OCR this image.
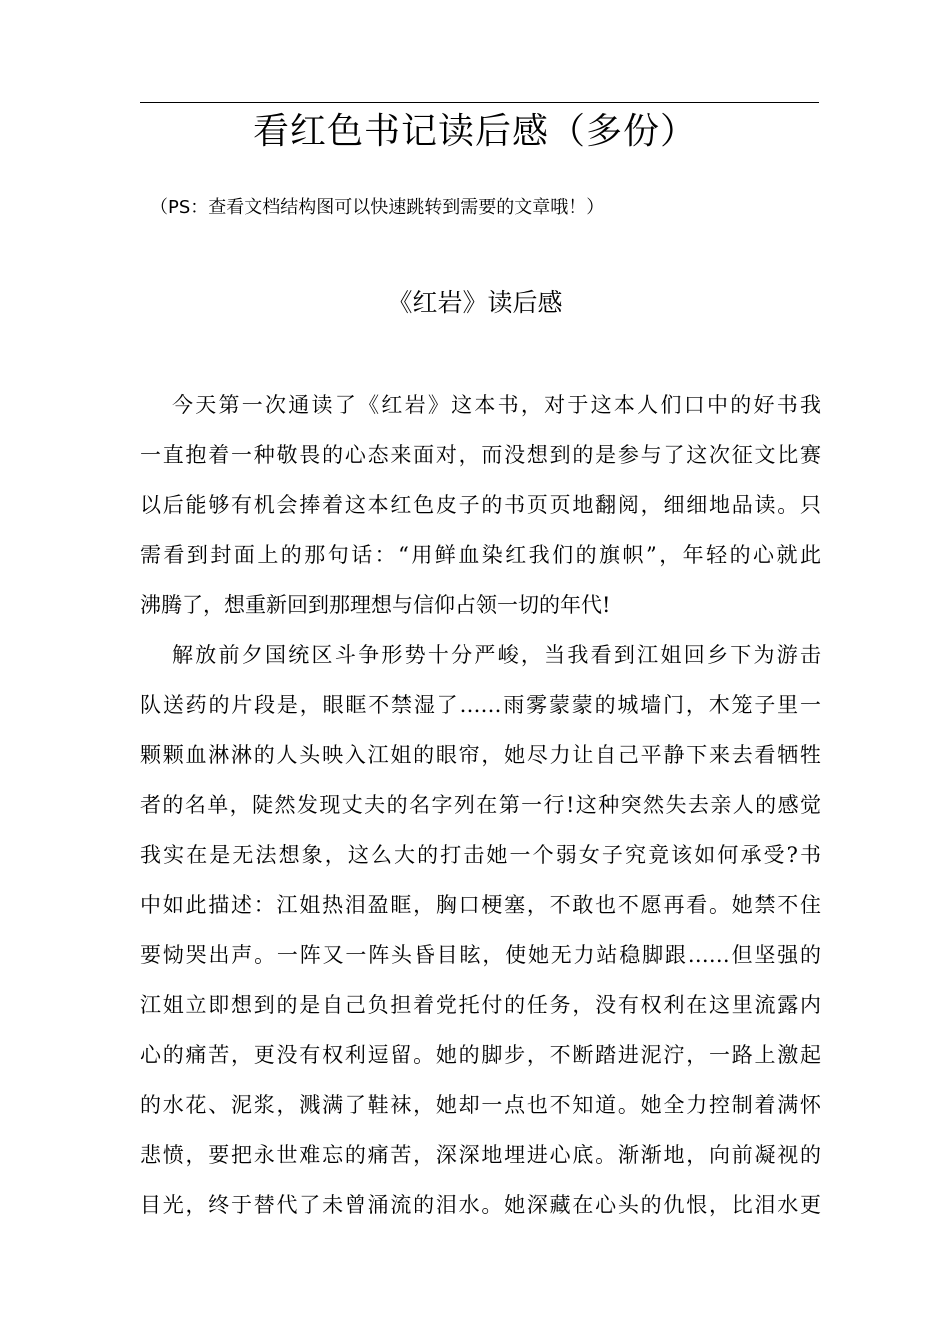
看红色书记读后感（多份）

（PS：查看文档结构图可以快速跳转到需要的文章哦！）

《红岩》读后感
今天第一次通读了《红岩》这本书，对于这本人们口中的好书我
一直抱着一种敬畏的心态来面对，而没想到的是参与了这次征文比赛
以后能够有机会捧着这本红色皮子的书页页地翻阅，细细地品读。只
需看到封面上的那句话：“用鲜血染红我们的旗帜”，年轻的心就此
沸腾了，想重新回到那理想与信仰占领一切的年代!
解放前夕国统区斗争形势十分严峻，当我看到江姐回乡下为游击
队送药的片段是，眼眶不禁湿了……雨雾蒙蒙的城墙门，木笼子里一
颗颗血淋淋的人头映入江姐的眼帘，她尽力让自己平静下来去看牺牲
者的名单，陡然发现丈夫的名字列在第一行!这种突然失去亲人的感觉
我实在是无法想象，这么大的打击她一个弱女子究竟该如何承受?书
中如此描述：江姐热泪盈眶，胸口梗塞，不敢也不愿再看。她禁不住
要恸哭出声。一阵又一阵头昏目眩，使她无力站稳脚跟……但坚强的
江姐立即想到的是自己负担着党托付的任务，没有权利在这里流露内
心的痛苦，更没有权利逗留。她的脚步，不断踏进泥泞，一路上激起
的水花、泥浆，溅满了鞋袜，她却一点也不知道。她全力控制着满怀
悲愤，要把永世难忘的痛苦，深深地埋进心底。渐渐地，向前凝视的
目光，终于替代了未曾涌流的泪水。她深藏在心头的仇恨，比泪水更
